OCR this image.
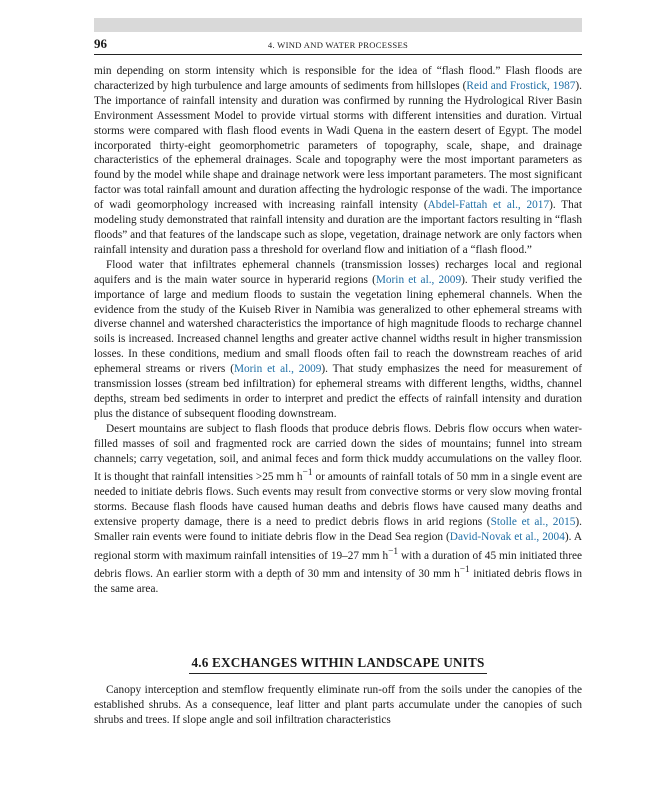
96	4. WIND AND WATER PROCESSES

min depending on storm intensity which is responsible for the idea of “flash flood.” Flash floods are characterized by high turbulence and large amounts of sediments from hillslopes (Reid and Frostick, 1987). The importance of rainfall intensity and duration was confirmed by running the Hydrological River Basin Environment Assessment Model to provide virtual storms with different intensities and duration. Virtual storms were compared with flash flood events in Wadi Quena in the eastern desert of Egypt. The model incorporated thirty-eight geomorphometric parameters of topography, scale, shape, and drainage characteristics of the ephemeral drainages. Scale and topography were the most important parameters as found by the model while shape and drainage network were less important parameters. The most significant factor was total rainfall amount and duration affecting the hydrologic response of the wadi. The importance of wadi geomorphology increased with increasing rainfall intensity (Abdel-Fattah et al., 2017). That modeling study demonstrated that rainfall intensity and duration are the important factors resulting in “flash floods” and that features of the landscape such as slope, vegetation, drainage network are only factors when rainfall intensity and duration pass a threshold for overland flow and initiation of a “flash flood.”

Flood water that infiltrates ephemeral channels (transmission losses) recharges local and regional aquifers and is the main water source in hyperarid regions (Morin et al., 2009). Their study verified the importance of large and medium floods to sustain the vegetation lining ephemeral channels. When the evidence from the study of the Kuiseb River in Namibia was generalized to other ephemeral streams with diverse channel and watershed characteristics the importance of high magnitude floods to recharge channel soils is increased. Increased channel lengths and greater active channel widths result in higher transmission losses. In these conditions, medium and small floods often fail to reach the downstream reaches of arid ephemeral streams or rivers (Morin et al., 2009). That study emphasizes the need for measurement of transmission losses (stream bed infiltration) for ephemeral streams with different lengths, widths, channel depths, stream bed sediments in order to interpret and predict the effects of rainfall intensity and duration plus the distance of subsequent flooding downstream.

Desert mountains are subject to flash floods that produce debris flows. Debris flow occurs when water-filled masses of soil and fragmented rock are carried down the sides of mountains; funnel into stream channels; carry vegetation, soil, and animal feces and form thick muddy accumulations on the valley floor. It is thought that rainfall intensities >25 mm $h^{-1}$ or amounts of rainfall totals of 50 mm in a single event are needed to initiate debris flows. Such events may result from convective storms or very slow moving frontal storms. Because flash floods have caused human deaths and debris flows have caused many deaths and extensive property damage, there is a need to predict debris flows in arid regions (Stolle et al., 2015). Smaller rain events were found to initiate debris flow in the Dead Sea region (David-Novak et al., 2004). A regional storm with maximum rainfall intensities of 19–27 mm $h^{-1}$ with a duration of 45 min initiated three debris flows. An earlier storm with a depth of 30 mm and intensity of 30 mm $h^{-1}$ initiated debris flows in the same area.

4.6 EXCHANGES WITHIN LANDSCAPE UNITS

Canopy interception and stemflow frequently eliminate run-off from the soils under the canopies of the established shrubs. As a consequence, leaf litter and plant parts accumulate under the canopies of such shrubs and trees. If slope angle and soil infiltration characteristics
